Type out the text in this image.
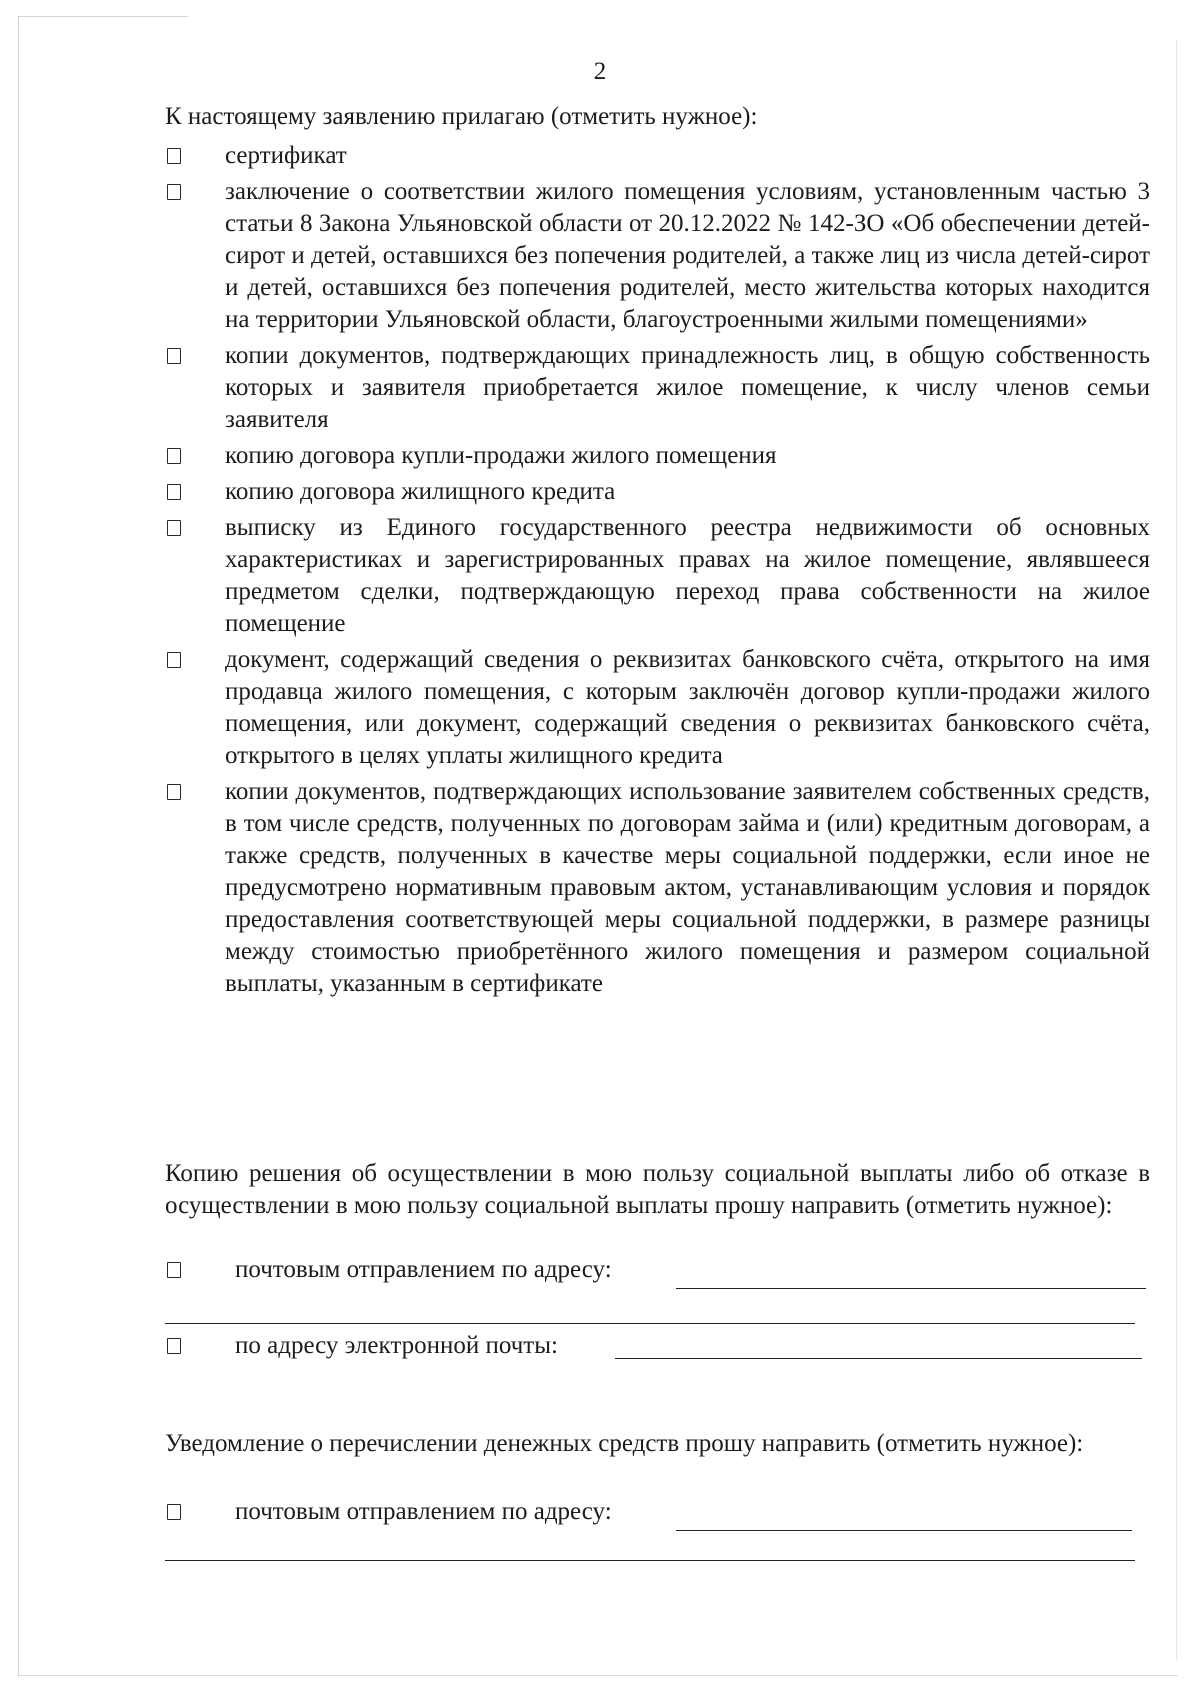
2
К настоящему заявлению прилагаю (отметить нужное):
сертификат
заключение о соответствии жилого помещения условиям, установленным частью 3 статьи 8 Закона Ульяновской области от 20.12.2022 № 142-ЗО «Об обеспечении детей-сирот и детей, оставшихся без попечения родителей, а также лиц из числа детей-сирот и детей, оставшихся без попечения родителей, место жительства которых находится на территории Ульяновской области, благоустроенными жилыми помещениями»
копии документов, подтверждающих принадлежность лиц, в общую собственность которых и заявителя приобретается жилое помещение, к числу членов семьи заявителя
копию договора купли-продажи жилого помещения
копию договора жилищного кредита
выписку из Единого государственного реестра недвижимости об основных характеристиках и зарегистрированных правах на жилое помещение, являвшееся предметом сделки, подтверждающую переход права собственности на жилое помещение
документ, содержащий сведения о реквизитах банковского счёта, открытого на имя продавца жилого помещения, с которым заключён договор купли-продажи жилого помещения, или документ, содержащий сведения о реквизитах банковского счёта, открытого в целях уплаты жилищного кредита
копии документов, подтверждающих использование заявителем собственных средств, в том числе средств, полученных по договорам займа и (или) кредитным договорам, а также средств, полученных в качестве меры социальной поддержки, если иное не предусмотрено нормативным правовым актом, устанавливающим условия и порядок предоставления соответствующей меры социальной поддержки, в размере разницы между стоимостью приобретённого жилого помещения и размером социальной выплаты, указанным в сертификате
Копию решения об осуществлении в мою пользу социальной выплаты либо об отказе в осуществлении в мою пользу социальной выплаты прошу направить (отметить нужное):
почтовым отправлением по адресу:
по адресу электронной почты:
Уведомление о перечислении денежных средств прошу направить (отметить нужное):
почтовым отправлением по адресу:
